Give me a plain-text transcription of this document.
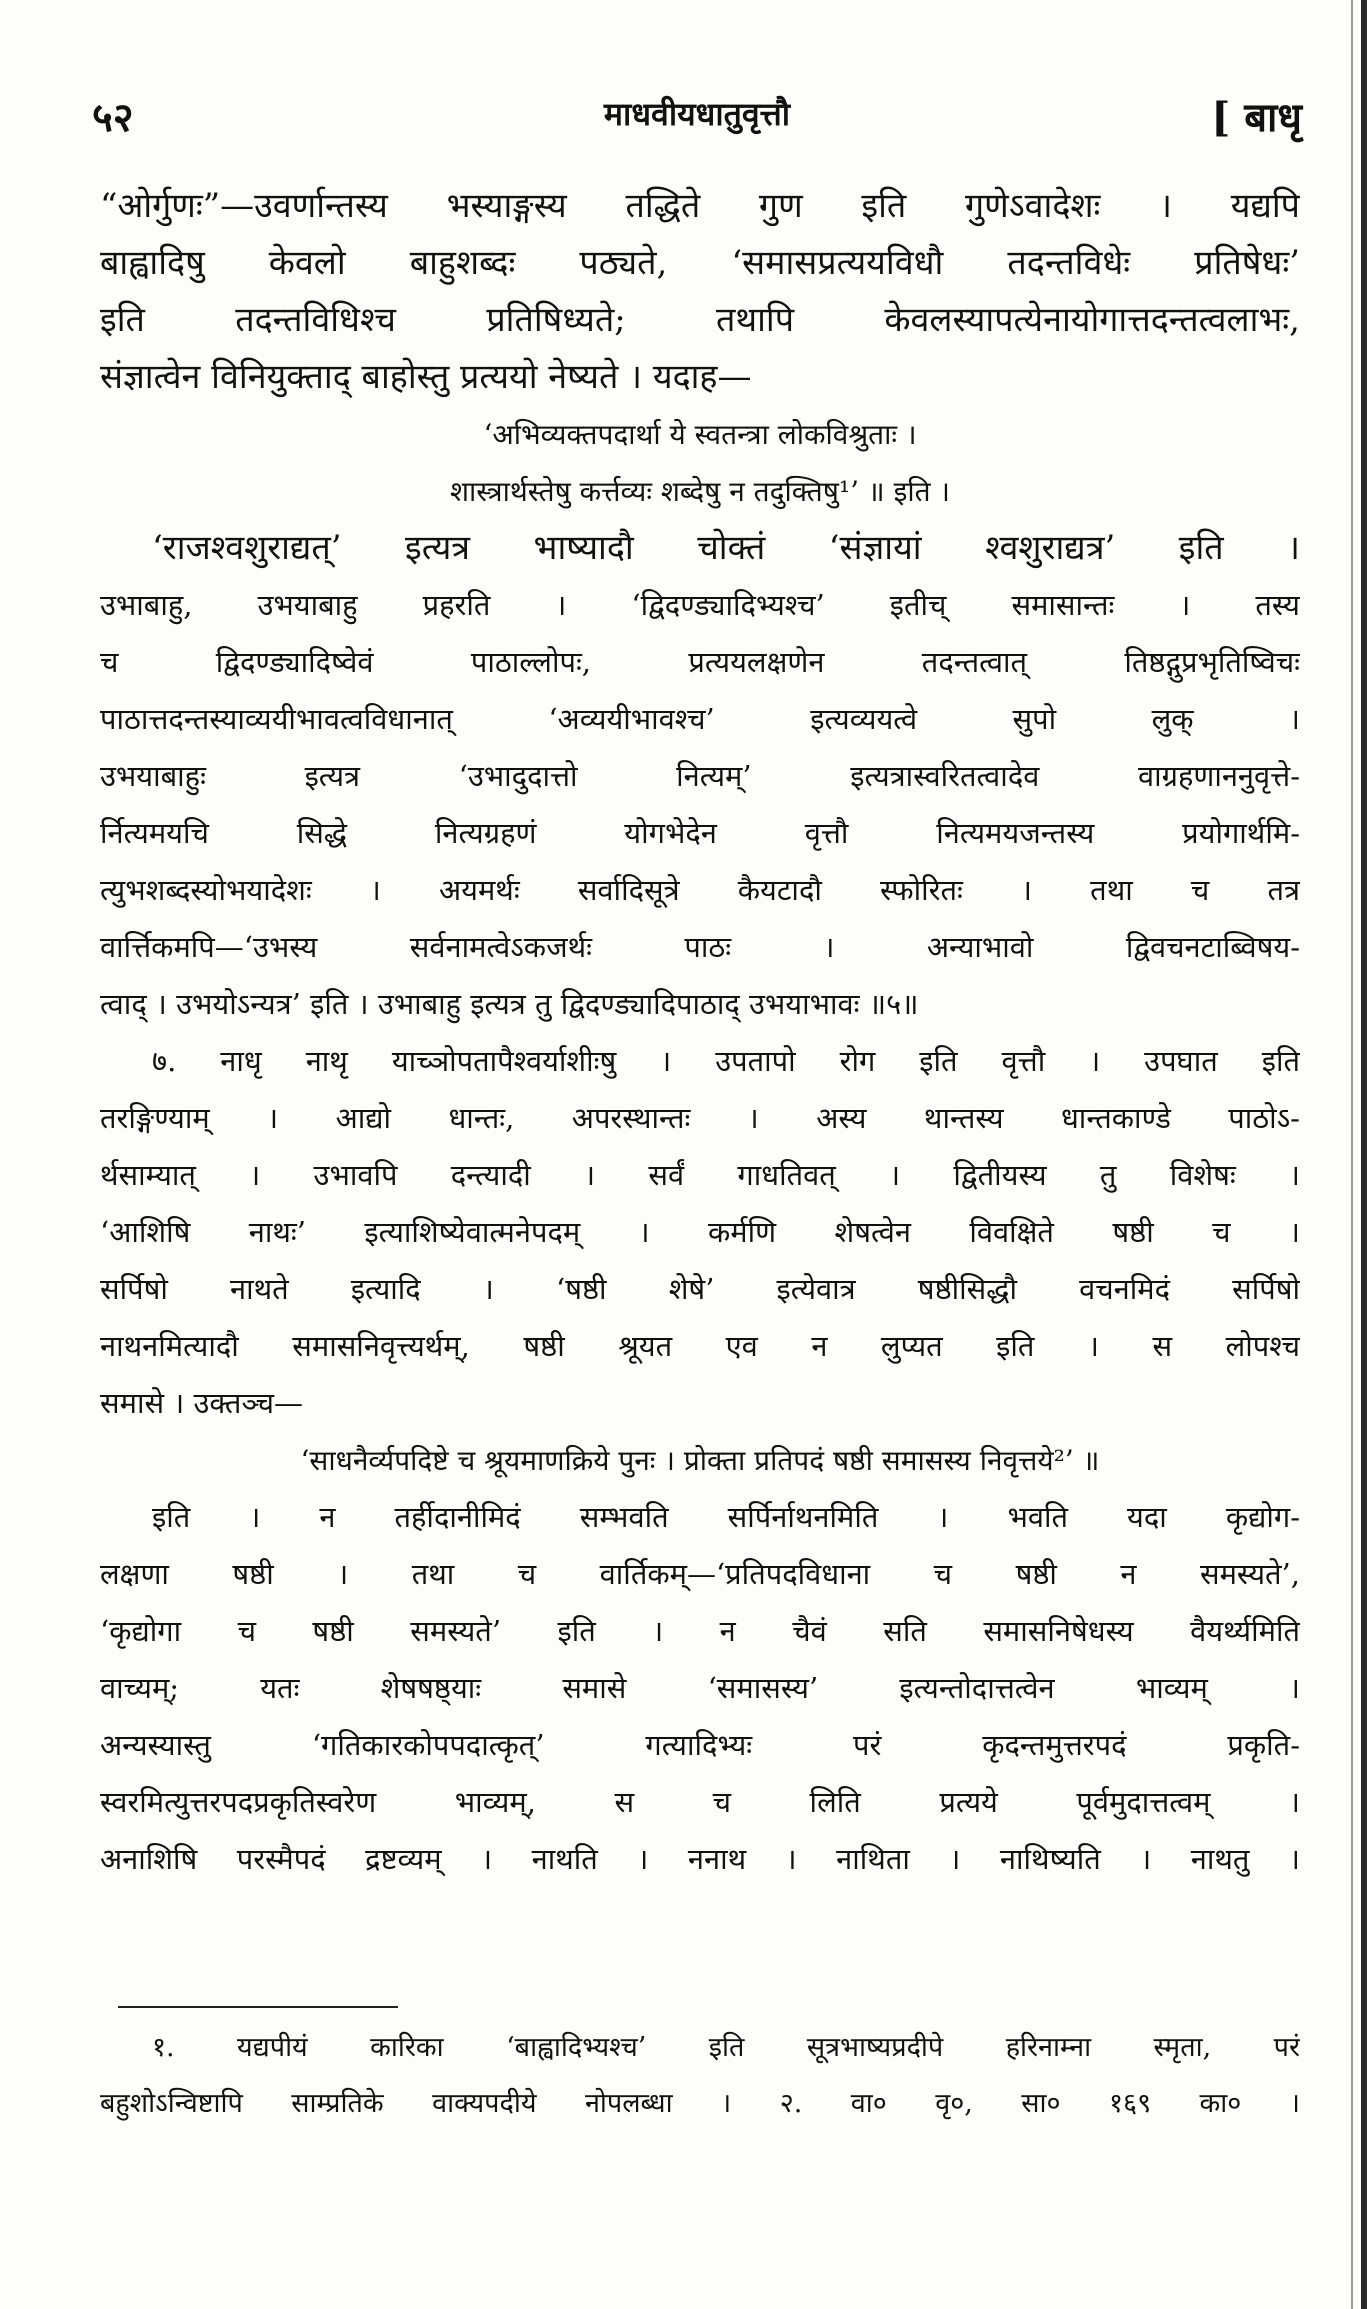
५२	माधवीयधातुवृत्तौ	[ बाधृ
“ओर्गुणः”—उवर्णान्तस्य भस्याङ्गस्य तद्धिते गुण इति गुणेऽवादेशः । यद्यपि
बाह्वादिषु केवलो बाहुशब्दः पठ्यते, ‘समासप्रत्ययविधौ तदन्तविधेः प्रतिषेधः’
इति तदन्तविधिश्च प्रतिषिध्यते; तथापि केवलस्यापत्येनायोगात्तदन्तत्वलाभः,
संज्ञात्वेन विनियुक्ताद् बाहोस्तु प्रत्ययो नेष्यते । यदाह—
‘अभिव्यक्तपदार्था ये स्वतन्त्रा लोकविश्रुताः ।
शास्त्रार्थस्तेषु कर्त्तव्यः शब्देषु न तदुक्तिषु¹’ ॥ इति ।
‘राजश्वशुराद्यत्’ इत्यत्र भाष्यादौ चोक्तं ‘संज्ञायां श्वशुराद्यत्र’ इति ।
उभाबाहु, उभयाबाहु प्रहरति । ‘द्विदण्ड्यादिभ्यश्च’ इतीच् समासान्तः । तस्य
च द्विदण्ड्यादिष्वेवं पाठाल्लोपः, प्रत्ययलक्षणेन तदन्तत्वात् तिष्ठद्गुप्रभृतिष्विचः
पाठात्तदन्तस्याव्ययीभावत्वविधानात् ‘अव्ययीभावश्च’ इत्यव्ययत्वे सुपो लुक् ।
उभयाबाहुः इत्यत्र ‘उभादुदात्तो नित्यम्’ इत्यत्रास्वरितत्वादेव वाग्रहणाननुवृत्ते-
र्नित्यमयचि सिद्धे नित्यग्रहणं योगभेदेन वृत्तौ नित्यमयजन्तस्य प्रयोगार्थमि-
त्युभशब्दस्योभयादेशः । अयमर्थः सर्वादिसूत्रे कैयटादौ स्फोरितः । तथा च तत्र
वार्त्तिकमपि—‘उभस्य सर्वनामत्वेऽकजर्थः पाठः । अन्याभावो द्विवचनटाब्विषय-
त्वाद् । उभयोऽन्यत्र’ इति । उभाबाहु इत्यत्र तु द्विदण्ड्यादिपाठाद् उभयाभावः ॥५॥
७. नाधृ नाथृ याच्ञोपतापैश्वर्याशीःषु । उपतापो रोग इति वृत्तौ । उपघात इति
तरङ्गिण्याम् । आद्यो धान्तः, अपरस्थान्तः । अस्य थान्तस्य धान्तकाण्डे पाठोऽ-
र्थसाम्यात् । उभावपि दन्त्यादी । सर्वं गाधतिवत् । द्वितीयस्य तु विशेषः ।
‘आशिषि नाथः’ इत्याशिष्येवात्मनेपदम् । कर्मणि शेषत्वेन विवक्षिते षष्ठी च ।
सर्पिषो नाथते इत्यादि । ‘षष्ठी शेषे’ इत्येवात्र षष्ठीसिद्धौ वचनमिदं सर्पिषो
नाथनमित्यादौ समासनिवृत्त्यर्थम्, षष्ठी श्रूयत एव न लुप्यत इति । स लोपश्च
समासे । उक्तञ्च—
‘साधनैर्व्यपदिष्टे च श्रूयमाणक्रिये पुनः । प्रोक्ता प्रतिपदं षष्ठी समासस्य निवृत्तये²’ ॥
इति । न तर्हीदानीमिदं सम्भवति सर्पिर्नाथनमिति । भवति यदा कृद्योग-
लक्षणा षष्ठी । तथा च वार्तिकम्—‘प्रतिपदविधाना च षष्ठी न समस्यते’,
‘कृद्योगा च षष्ठी समस्यते’ इति । न चैवं सति समासनिषेधस्य वैयर्थ्यमिति
वाच्यम्; यतः शेषषष्ठ्याः समासे ‘समासस्य’ इत्यन्तोदात्तत्वेन भाव्यम् ।
अन्यस्यास्तु ‘गतिकारकोपपदात्कृत्’ गत्यादिभ्यः परं कृदन्तमुत्तरपदं प्रकृति-
स्वरमित्युत्तरपदप्रकृतिस्वरेण भाव्यम्, स च लिति प्रत्यये पूर्वमुदात्तत्वम् ।
अनाशिषि परस्मैपदं द्रष्टव्यम् । नाथति । ननाथ । नाथिता । नाथिष्यति । नाथतु ।
१. यद्यपीयं कारिका ‘बाह्वादिभ्यश्च’ इति सूत्रभाष्यप्रदीपे हरिनाम्ना स्मृता, परं
बहुशोऽन्विष्टापि साम्प्रतिके वाक्यपदीये नोपलब्धा । २. वा० वृ०, सा० १६९ का० ।
